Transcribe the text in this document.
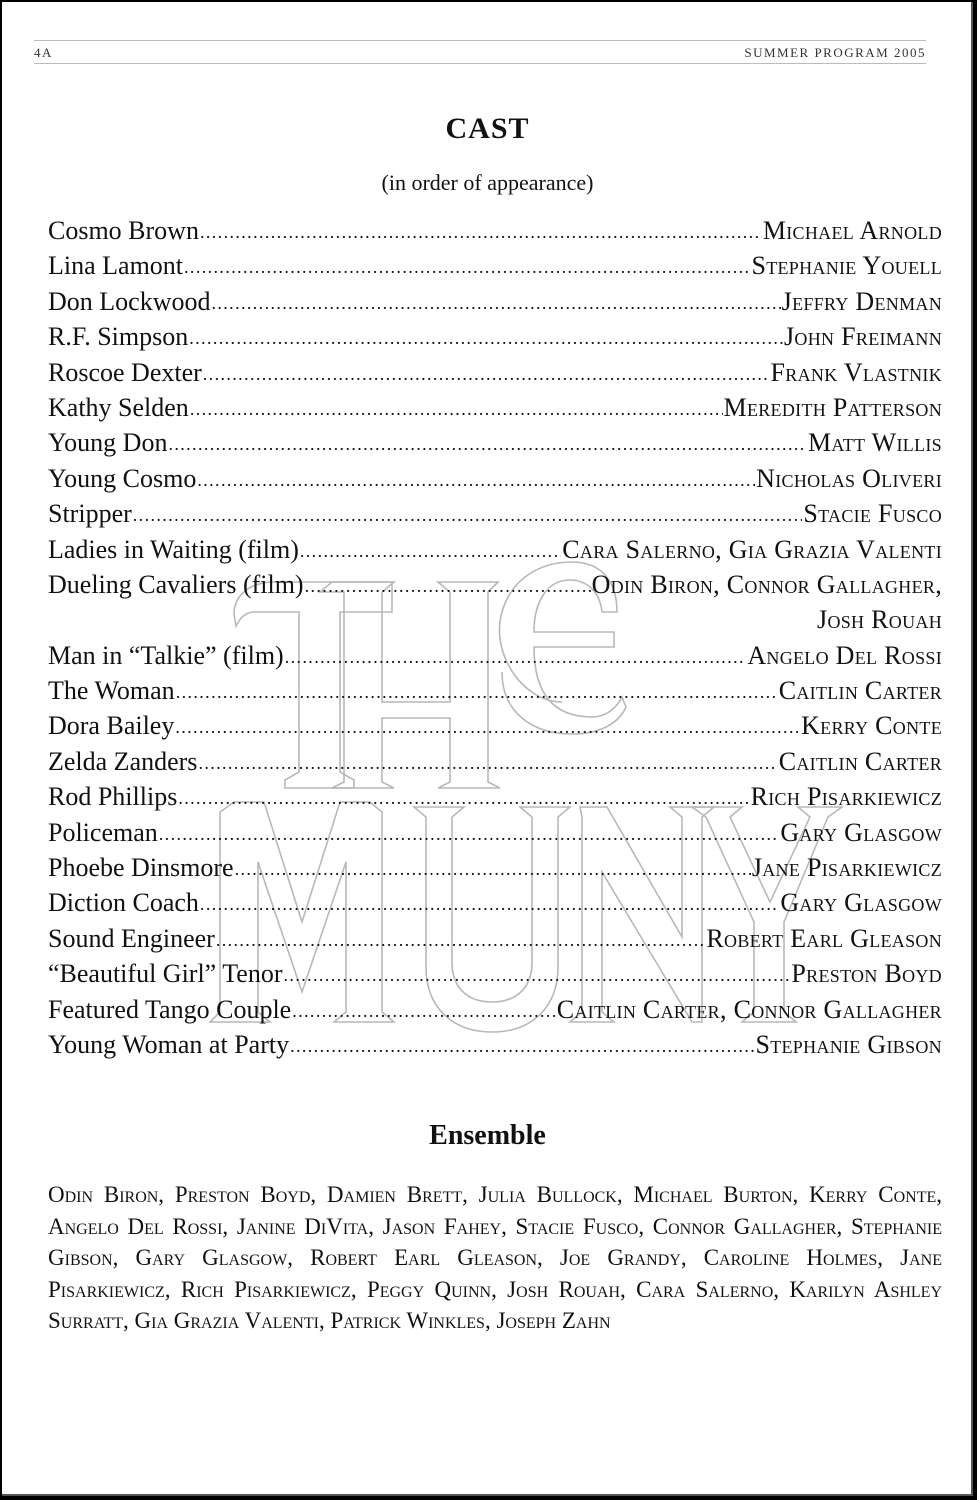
4A	SUMMER PROGRAM 2005
CAST
(in order of appearance)
Cosmo Brown .....	Michael Arnold
Lina Lamont .....	Stephanie Youell
Don Lockwood .....	Jeffry Denman
R.F. Simpson .....	John Freimann
Roscoe Dexter .....	Frank Vlastnik
Kathy Selden .....	Meredith Patterson
Young Don .....	Matt Willis
Young Cosmo .....	Nicholas Oliveri
Stripper .....	Stacie Fusco
Ladies in Waiting (film) .....	Cara Salerno, Gia Grazia Valenti
Dueling Cavaliers (film) .....	Odin Biron, Connor Gallagher,
Josh Rouah
Man in “Talkie” (film) .....	Angelo Del Rossi
The Woman .....	Caitlin Carter
Dora Bailey .....	Kerry Conte
Zelda Zanders .....	Caitlin Carter
Rod Phillips .....	Rich Pisarkiewicz
Policeman .....	Gary Glasgow
Phoebe Dinsmore .....	Jane Pisarkiewicz
Diction Coach .....	Gary Glasgow
Sound Engineer .....	Robert Earl Gleason
“Beautiful Girl” Tenor .....	Preston Boyd
Featured Tango Couple .....	Caitlin Carter, Connor Gallagher
Young Woman at Party .....	Stephanie Gibson
Ensemble
Odin Biron, Preston Boyd, Damien Brett, Julia Bullock, Michael Burton, Kerry Conte, Angelo Del Rossi, Janine DiVita, Jason Fahey, Stacie Fusco, Connor Gallagher, Stephanie Gibson, Gary Glasgow, Robert Earl Gleason, Joe Grandy, Caroline Holmes, Jane Pisarkiewicz, Rich Pisarkiewicz, Peggy Quinn, Josh Rouah, Cara Salerno, Karilyn Ashley Surratt, Gia Grazia Valenti, Patrick Winkles, Joseph Zahn
